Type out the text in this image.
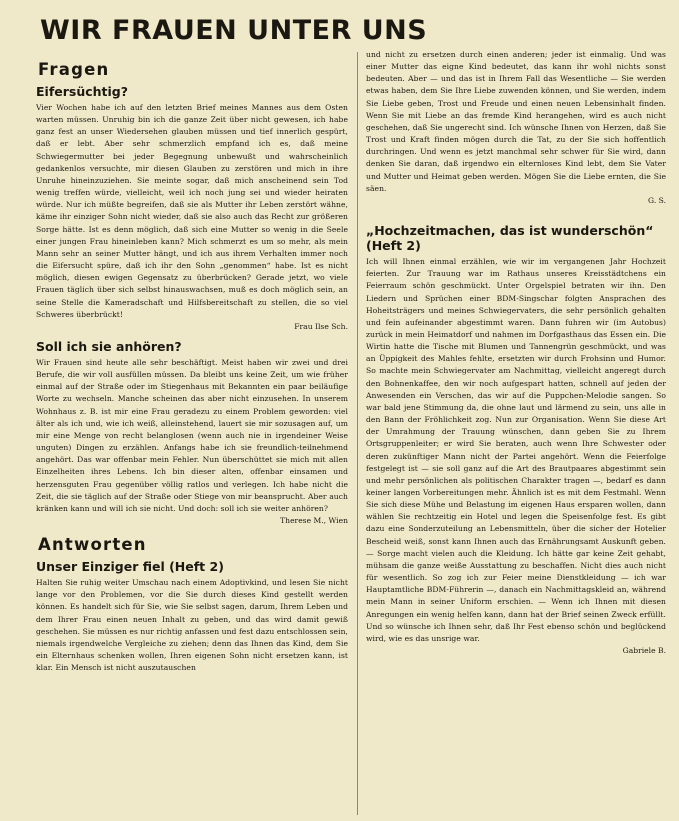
WIR FRAUEN UNTER UNS
Fragen
Eifersüchtig?

Vier Wochen habe ich auf den letzten Brief meines Mannes aus dem Osten warten müssen. Unruhig bin ich die ganze Zeit über nicht gewesen, ich habe ganz fest an unser Wiedersehen glauben müssen und tief innerlich gespürt, daß er lebt. Aber sehr schmerzlich empfand ich es, daß meine Schwiegermutter bei jeder Begegnung unbewußt und wahrscheinlich gedankenlos versuchte, mir diesen Glauben zu zerstören und mich in ihre Unruhe hineinzuziehen. Sie meinte sogar, daß mich anscheinend sein Tod wenig treffen würde, vielleicht, weil ich noch jung sei und wieder heiraten würde. Nur ich müßte begreifen, daß sie als Mutter ihr Leben zerstört wähne, käme ihr einziger Sohn nicht wieder, daß sie also auch das Recht zur größeren Sorge hätte. Ist es denn möglich, daß sich eine Mutter so wenig in die Seele einer jungen Frau hineinleben kann? Mich schmerzt es um so mehr, als mein Mann sehr an seiner Mutter hängt, und ich aus ihrem Verhalten immer noch die Eifersucht spüre, daß ich ihr den Sohn „genommen“ habe. Ist es nicht möglich, diesen ewigen Gegensatz zu überbrücken? Gerade jetzt, wo viele Frauen täglich über sich selbst hinauswachsen, muß es doch möglich sein, an seine Stelle die Kameradschaft und Hilfsbereitschaft zu stellen, die so viel Schweres überbrückt!

Frau Ilse Sch.
Soll ich sie anhören?

Wir Frauen sind heute alle sehr beschäftigt. Meist haben wir zwei und drei Berufe, die wir voll ausfüllen müssen. Da bleibt uns keine Zeit, um wie früher einmal auf der Straße oder im Stiegenhaus mit Bekannten ein paar beiläufige Worte zu wechseln. Manche scheinen das aber nicht einzusehen. In unserem Wohnhaus z. B. ist mir eine Frau geradezu zu einem Problem geworden: viel älter als ich und, wie ich weiß, alleinstehend, lauert sie mir sozusagen auf, um mir eine Menge von recht belanglosen (wenn auch nie in irgendeiner Weise unguten) Dingen zu erzählen. Anfangs habe ich sie freundlich-teilnehmend angehört. Das war offenbar mein Fehler. Nun überschüttet sie mich mit allen Einzelheiten ihres Lebens. Ich bin dieser alten, offenbar einsamen und herzensguten Frau gegenüber völlig ratlos und verlegen. Ich habe nicht die Zeit, die sie täglich auf der Straße oder Stiege von mir beansprucht. Aber auch kränken kann und will ich sie nicht. Und doch: soll ich sie weiter anhören?

Therese M., Wien
Antworten
Unser Einziger fiel (Heft 2)

Halten Sie ruhig weiter Umschau nach einem Adoptivkind, und lesen Sie nicht lange vor den Problemen, vor die Sie durch dieses Kind gestellt werden können. Es handelt sich für Sie, wie Sie selbst sagen, darum, Ihrem Leben und dem Ihrer Frau einen neuen Inhalt zu geben, und das wird damit gewiß geschehen. Sie müssen es nur richtig anfassen und fest dazu entschlossen sein, niemals irgendwelche Vergleiche zu ziehen; denn das Ihnen das Kind, dem Sie ein Elternhaus schenken wollen, Ihren eigenen Sohn nicht ersetzen kann, ist klar. Ein Mensch ist nicht auszutauschen

und nicht zu ersetzen durch einen anderen; jeder ist einmalig. Und was einer Mutter das eigne Kind bedeutet, das kann ihr wohl nichts sonst bedeuten. Aber — und das ist in Ihrem Fall das Wesentliche — Sie werden etwas haben, dem Sie Ihre Liebe zuwenden können, und Sie werden, indem Sie Liebe geben, Trost und Freude und einen neuen Lebensinhalt finden. Wenn Sie mit Liebe an das fremde Kind herangehen, wird es auch nicht geschehen, daß Sie ungerecht sind. Ich wünsche Ihnen von Herzen, daß Sie Trost und Kraft finden mögen durch die Tat, zu der Sie sich hoffentlich durchringen. Und wenn es jetzt manchmal sehr schwer für Sie wird, dann denken Sie daran, daß irgendwo ein elternloses Kind lebt, dem Sie Vater und Mutter und Heimat geben werden. Mögen Sie die Liebe ernten, die Sie säen.

G. S.
„Hochzeitmachen, das ist wunderschön“ (Heft 2)

Ich will Ihnen einmal erzählen, wie wir im vergangenen Jahr Hochzeit feierten. Zur Trauung war im Rathaus unseres Kreisstädtchens ein Feierraum schön geschmückt. Unter Orgelspiel betraten wir ihn. Den Liedern und Sprüchen einer BDM-Singschar folgten Ansprachen des Hoheitsträgers und meines Schwiegervaters, die sehr persönlich gehalten und fein aufeinander abgestimmt waren. Dann fuhren wir (im Autobus) zurück in mein Heimatdorf und nahmen im Dorfgasthaus das Essen ein. Die Wirtin hatte die Tische mit Blumen und Tannengrün geschmückt, und was an Üppigkeit des Mahles fehlte, ersetzten wir durch Frohsinn und Humor. So machte mein Schwiegervater am Nachmittag, vielleicht angeregt durch den Bohnenkaffee, den wir noch aufgespart hatten, schnell auf jeden der Anwesenden ein Verschen, das wir auf die Puppchen-Melodie sangen. So war bald jene Stimmung da, die ohne laut und lärmend zu sein, uns alle in den Bann der Fröhlichkeit zog. Nun zur Organisation. Wenn Sie diese Art der Umrahmung der Trauung wünschen, dann geben Sie zu Ihrem Ortsgruppenleiter; er wird Sie beraten, auch wenn Ihre Schwester oder deren zukünftiger Mann nicht der Partei angehört. Wenn die Feierfolge festgelegt ist — sie soll ganz auf die Art des Brautpaares abgestimmt sein und mehr persönlichen als politischen Charakter tragen —, bedarf es dann keiner langen Vorbereitungen mehr. Ähnlich ist es mit dem Festmahl. Wenn Sie sich diese Mühe und Belastung im eigenen Haus ersparen wollen, dann wählen Sie rechtzeitig ein Hotel und legen die Speisenfolge fest. Es gibt dazu eine Sonderzuteilung an Lebensmitteln, über die sicher der Hotelier Bescheid weiß, sonst kann Ihnen auch das Ernährungsamt Auskunft geben. — Sorge macht vielen auch die Kleidung. Ich hätte gar keine Zeit gehabt, mühsam die ganze weiße Ausstattung zu beschaffen. Nicht dies auch nicht für wesentlich. So zog ich zur Feier meine Dienstkleidung — ich war Hauptamtliche BDM-Führerin —, danach ein Nachmittagskleid an, während mein Mann in seiner Uniform erschien. — Wenn ich Ihnen mit diesen Anregungen ein wenig helfen kann, dann hat der Brief seinen Zweck erfüllt. Und so wünsche ich Ihnen sehr, daß Ihr Fest ebenso schön und beglückend wird, wie es das unsrige war.

Gabriele B.
